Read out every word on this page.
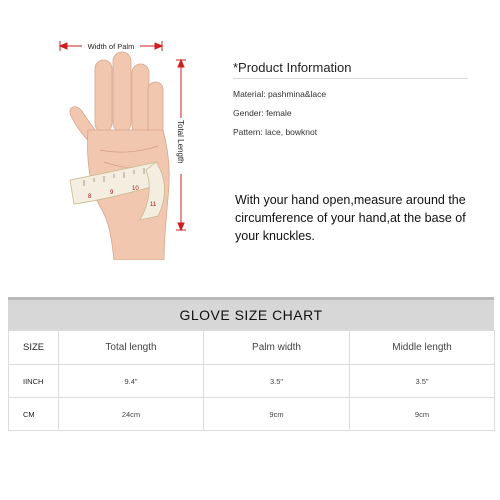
Width of Palm
Total Length
8
9
10
11
*Product Information
Material: pashmina&lace
Gender: female
Pattern: lace, bowknot
With your hand open,measure around the circumference of your hand,at the base of your knuckles.
GLOVE SIZE CHART
SIZE	Total length	Palm width	Middle length
IINCH	9.4"	3.5"	3.5"
CM	24cm	9cm	9cm
